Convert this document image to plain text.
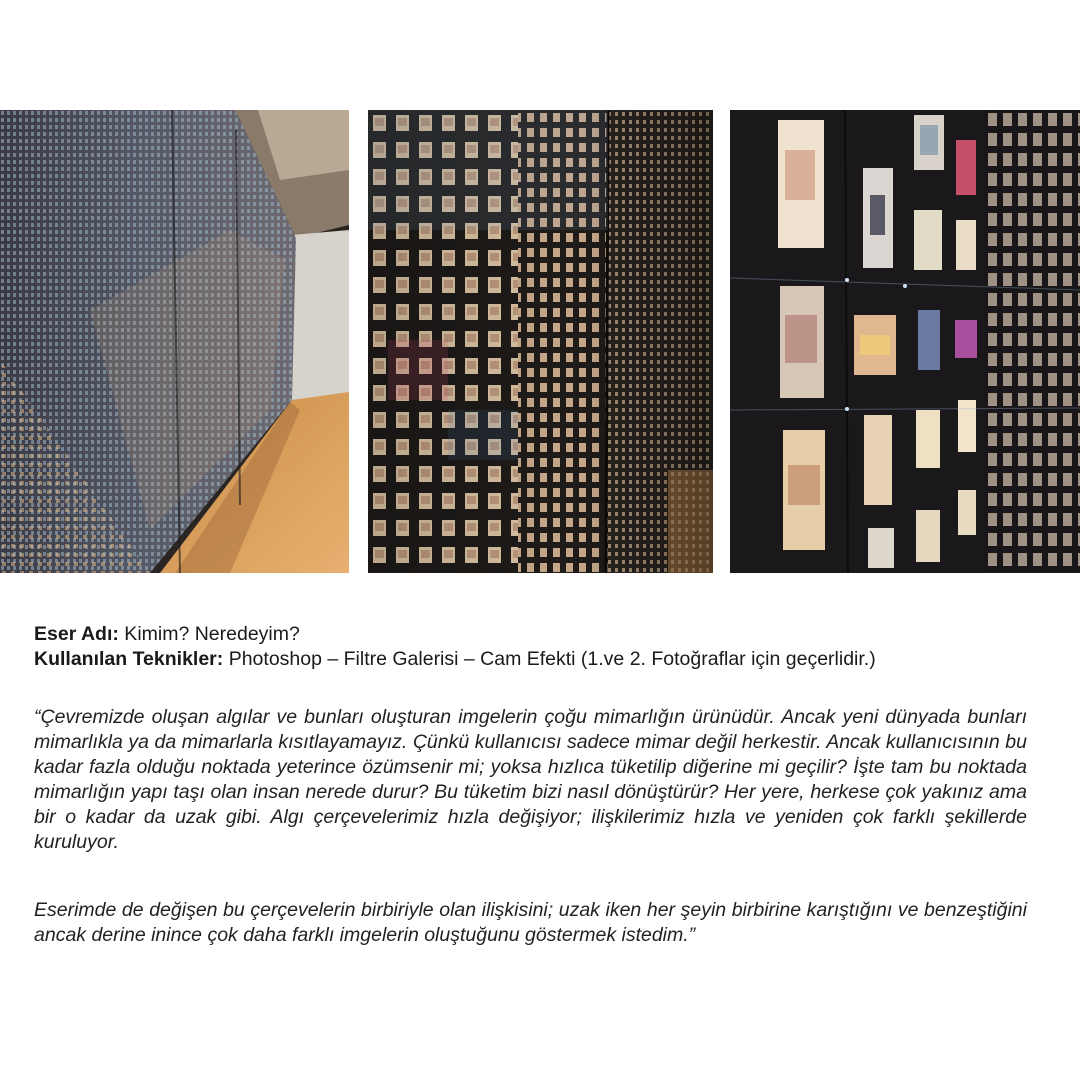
Eser Adı: Kimim? Neredeyim?
Kullanılan Teknikler: Photoshop – Filtre Galerisi – Cam Efekti (1.ve 2. Fotoğraflar için geçerlidir.)

“Çevremizde oluşan algılar ve bunları oluşturan imgelerin çoğu mimarlığın ürünüdür. Ancak yeni dünyada bunları mimarlıkla ya da mimarlarla kısıtlayamayız. Çünkü kullanıcısı sadece mimar değil herkestir. Ancak kullanıcısının bu kadar fazla olduğu noktada yeterince özümsenir mi; yoksa hızlıca tüketilip diğerine mi geçilir? İşte tam bu noktada mimarlığın yapı taşı olan insan nerede durur? Bu tüketim bizi nasıl dönüştürür? Her yere, herkese çok yakınız ama bir o kadar da uzak gibi. Algı çerçevelerimiz hızla değişiyor; ilişkilerimiz hızla ve yeniden çok farklı şekillerde kuruluyor.

Eserimde de değişen bu çerçevelerin birbiriyle olan ilişkisini; uzak iken her şeyin birbirine karıştığını ve benzeştiğini ancak derine inince çok daha farklı imgelerin oluştuğunu göstermek istedim.”
